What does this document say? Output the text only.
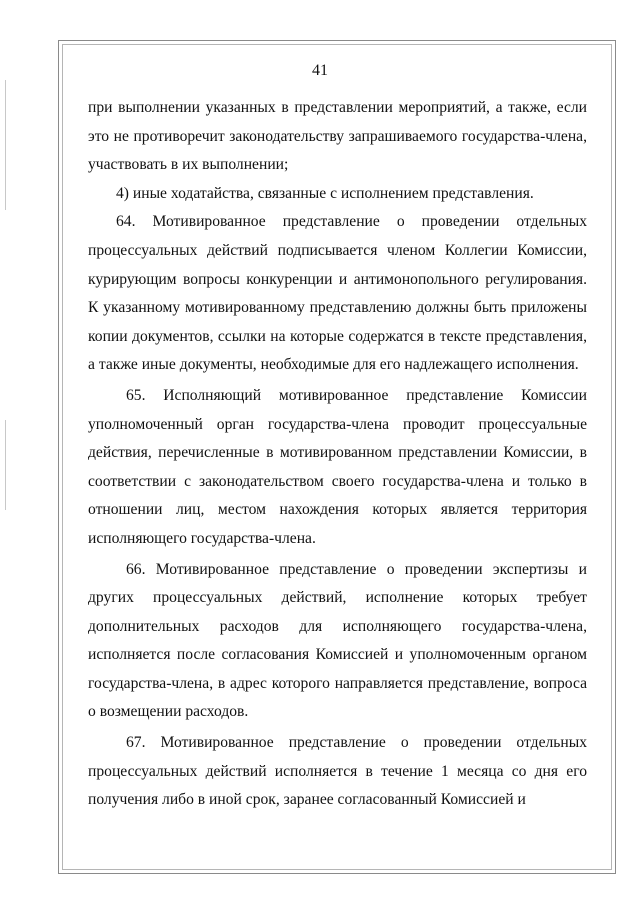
41

при выполнении указанных в представлении мероприятий, а также, если это не противоречит законодательству запрашиваемого государства-члена, участвовать в их выполнении;

4) иные ходатайства, связанные с исполнением представления.

64. Мотивированное представление о проведении отдельных процессуальных действий подписывается членом Коллегии Комиссии, курирующим вопросы конкуренции и антимонопольного регулирования. К указанному мотивированному представлению должны быть приложены копии документов, ссылки на которые содержатся в тексте представления, а также иные документы, необходимые для его надлежащего исполнения.

65. Исполняющий мотивированное представление Комиссии уполномоченный орган государства-члена проводит процессуальные действия, перечисленные в мотивированном представлении Комиссии, в соответствии с законодательством своего государства-члена и только в отношении лиц, местом нахождения которых является территория исполняющего государства-члена.

66. Мотивированное представление о проведении экспертизы и других процессуальных действий, исполнение которых требует дополнительных расходов для исполняющего государства-члена, исполняется после согласования Комиссией и уполномоченным органом государства-члена, в адрес которого направляется представление, вопроса о возмещении расходов.

67. Мотивированное представление о проведении отдельных процессуальных действий исполняется в течение 1 месяца со дня его получения либо в иной срок, заранее согласованный Комиссией и
